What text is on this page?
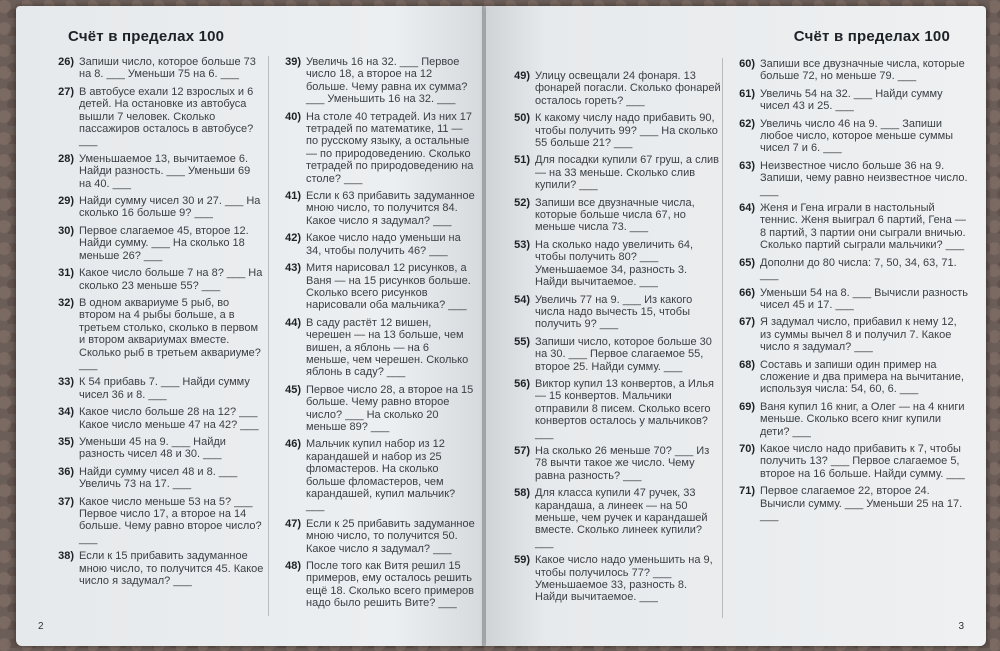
Счёт в пределах 100
26) Запиши число, которое больше 73 на 8. ___ Уменьши 75 на 6. ___
27) В автобусе ехали 12 взрослых и 6 детей. На остановке из автобуса вышли 7 человек. Сколько пассажиров осталось в автобусе? ___
28) Уменьшаемое 13, вычитаемое 6. Найди разность. ___ Уменьши 69 на 40. ___
29) Найди сумму чисел 30 и 27. ___ На сколько 16 больше 9? ___
30) Первое слагаемое 45, второе 12. Найди сумму. ___ На сколько 18 меньше 26? ___
31) Какое число больше 7 на 8? ___ На сколько 23 меньше 55? ___
32) В одном аквариуме 5 рыб, во втором на 4 рыбы больше, а в третьем столько, сколько в первом и втором аквариумах вместе. Сколько рыб в третьем аквариуме? ___
33) К 54 прибавь 7. ___ Найди сумму чисел 36 и 8. ___
34) Какое число больше 28 на 12? ___ Какое число меньше 47 на 42? ___
35) Уменьши 45 на 9. ___ Найди разность чисел 48 и 30. ___
36) Найди сумму чисел 48 и 8. ___ Увеличь 73 на 17. ___
37) Какое число меньше 53 на 5? ___ Первое число 17, а второе на 14 больше. Чему равно второе число? ___
38) Если к 15 прибавить задуманное мною число, то получится 45. Какое число я задумал? ___
39) Увеличь 16 на 32. ___ Первое число 18, а второе на 12 больше. Чему равна их сумма? ___ Уменьшить 16 на 32. ___
40) На столе 40 тетрадей. Из них 17 тетрадей по математике, 11 — по русскому языку, а остальные — по природоведению. Сколько тетрадей по природоведению на столе? ___
41) Если к 63 прибавить задуманное мною число, то получится 84. Какое число я задумал? ___
42) Какое число надо уменьши на 34, чтобы получить 46? ___
43) Митя нарисовал 12 рисунков, а Ваня — на 15 рисунков больше. Сколько всего рисунков нарисовали оба мальчика? ___
44) В саду растёт 12 вишен, черешен — на 13 больше, чем вишен, а яблонь — на 6 меньше, чем черешен. Сколько яблонь в саду? ___
45) Первое число 28, а второе на 15 больше. Чему равно второе число? ___ На сколько 20 меньше 89? ___
46) Мальчик купил набор из 12 карандашей и набор из 25 фломастеров. На сколько больше фломастеров, чем карандашей, купил мальчик? ___
47) Если к 25 прибавить задуманное мною число, то получится 50. Какое число я задумал? ___
48) После того как Витя решил 15 примеров, ему осталось решить ещё 18. Сколько всего примеров надо было решить Вите? ___
2
Счёт в пределах 100
49) Улицу освещали 24 фонаря. 13 фонарей погасли. Сколько фонарей осталось гореть? ___
50) К какому числу надо прибавить 90, чтобы получить 99? ___ На сколько 55 больше 21? ___
51) Для посадки купили 67 груш, а слив — на 33 меньше. Сколько слив купили? ___
52) Запиши все двузначные числа, которые больше числа 67, но меньше числа 73. ___
53) На сколько надо увеличить 64, чтобы получить 80? ___ Уменьшаемое 34, разность 3. Найди вычитаемое. ___
54) Увеличь 77 на 9. ___ Из какого числа надо вычесть 15, чтобы получить 9? ___
55) Запиши число, которое больше 30 на 30. ___ Первое слагаемое 55, второе 25. Найди сумму. ___
56) Виктор купил 13 конвертов, а Илья — 15 конвертов. Мальчики отправили 8 писем. Сколько всего конвертов осталось у мальчиков? ___
57) На сколько 26 меньше 70? ___ Из 78 вычти такое же число. Чему равна разность? ___
58) Для класса купили 47 ручек, 33 карандаша, а линеек — на 50 меньше, чем ручек и карандашей вместе. Сколько линеек купили? ___
59) Какое число надо уменьшить на 9, чтобы получилось 77? ___ Уменьшаемое 33, разность 8. Найди вычитаемое. ___
60) Запиши все двузначные числа, которые больше 72, но меньше 79. ___
61) Увеличь 54 на 32. ___ Найди сумму чисел 43 и 25. ___
62) Увеличь число 46 на 9. ___ Запиши любое число, которое меньше суммы чисел 7 и 6. ___
63) Неизвестное число больше 36 на 9. Запиши, чему равно неизвестное число. ___
64) Женя и Гена играли в настольный теннис. Женя выиграл 6 партий, Гена — 8 партий, 3 партии они сыграли вничью. Сколько партий сыграли мальчики? ___
65) Дополни до 80 числа: 7, 50, 34, 63, 71. ___
66) Уменьши 54 на 8. ___ Вычисли разность чисел 45 и 17. ___
67) Я задумал число, прибавил к нему 12, из суммы вычел 8 и получил 7. Какое число я задумал? ___
68) Составь и запиши один пример на сложение и два примера на вычитание, используя числа: 54, 60, 6. ___
69) Ваня купил 16 книг, а Олег — на 4 книги меньше. Сколько всего книг купили дети? ___
70) Какое число надо прибавить к 7, чтобы получить 13? ___ Первое слагаемое 5, второе на 16 больше. Найди сумму. ___
71) Первое слагаемое 22, второе 24. Вычисли сумму. ___ Уменьши 25 на 17. ___
3
